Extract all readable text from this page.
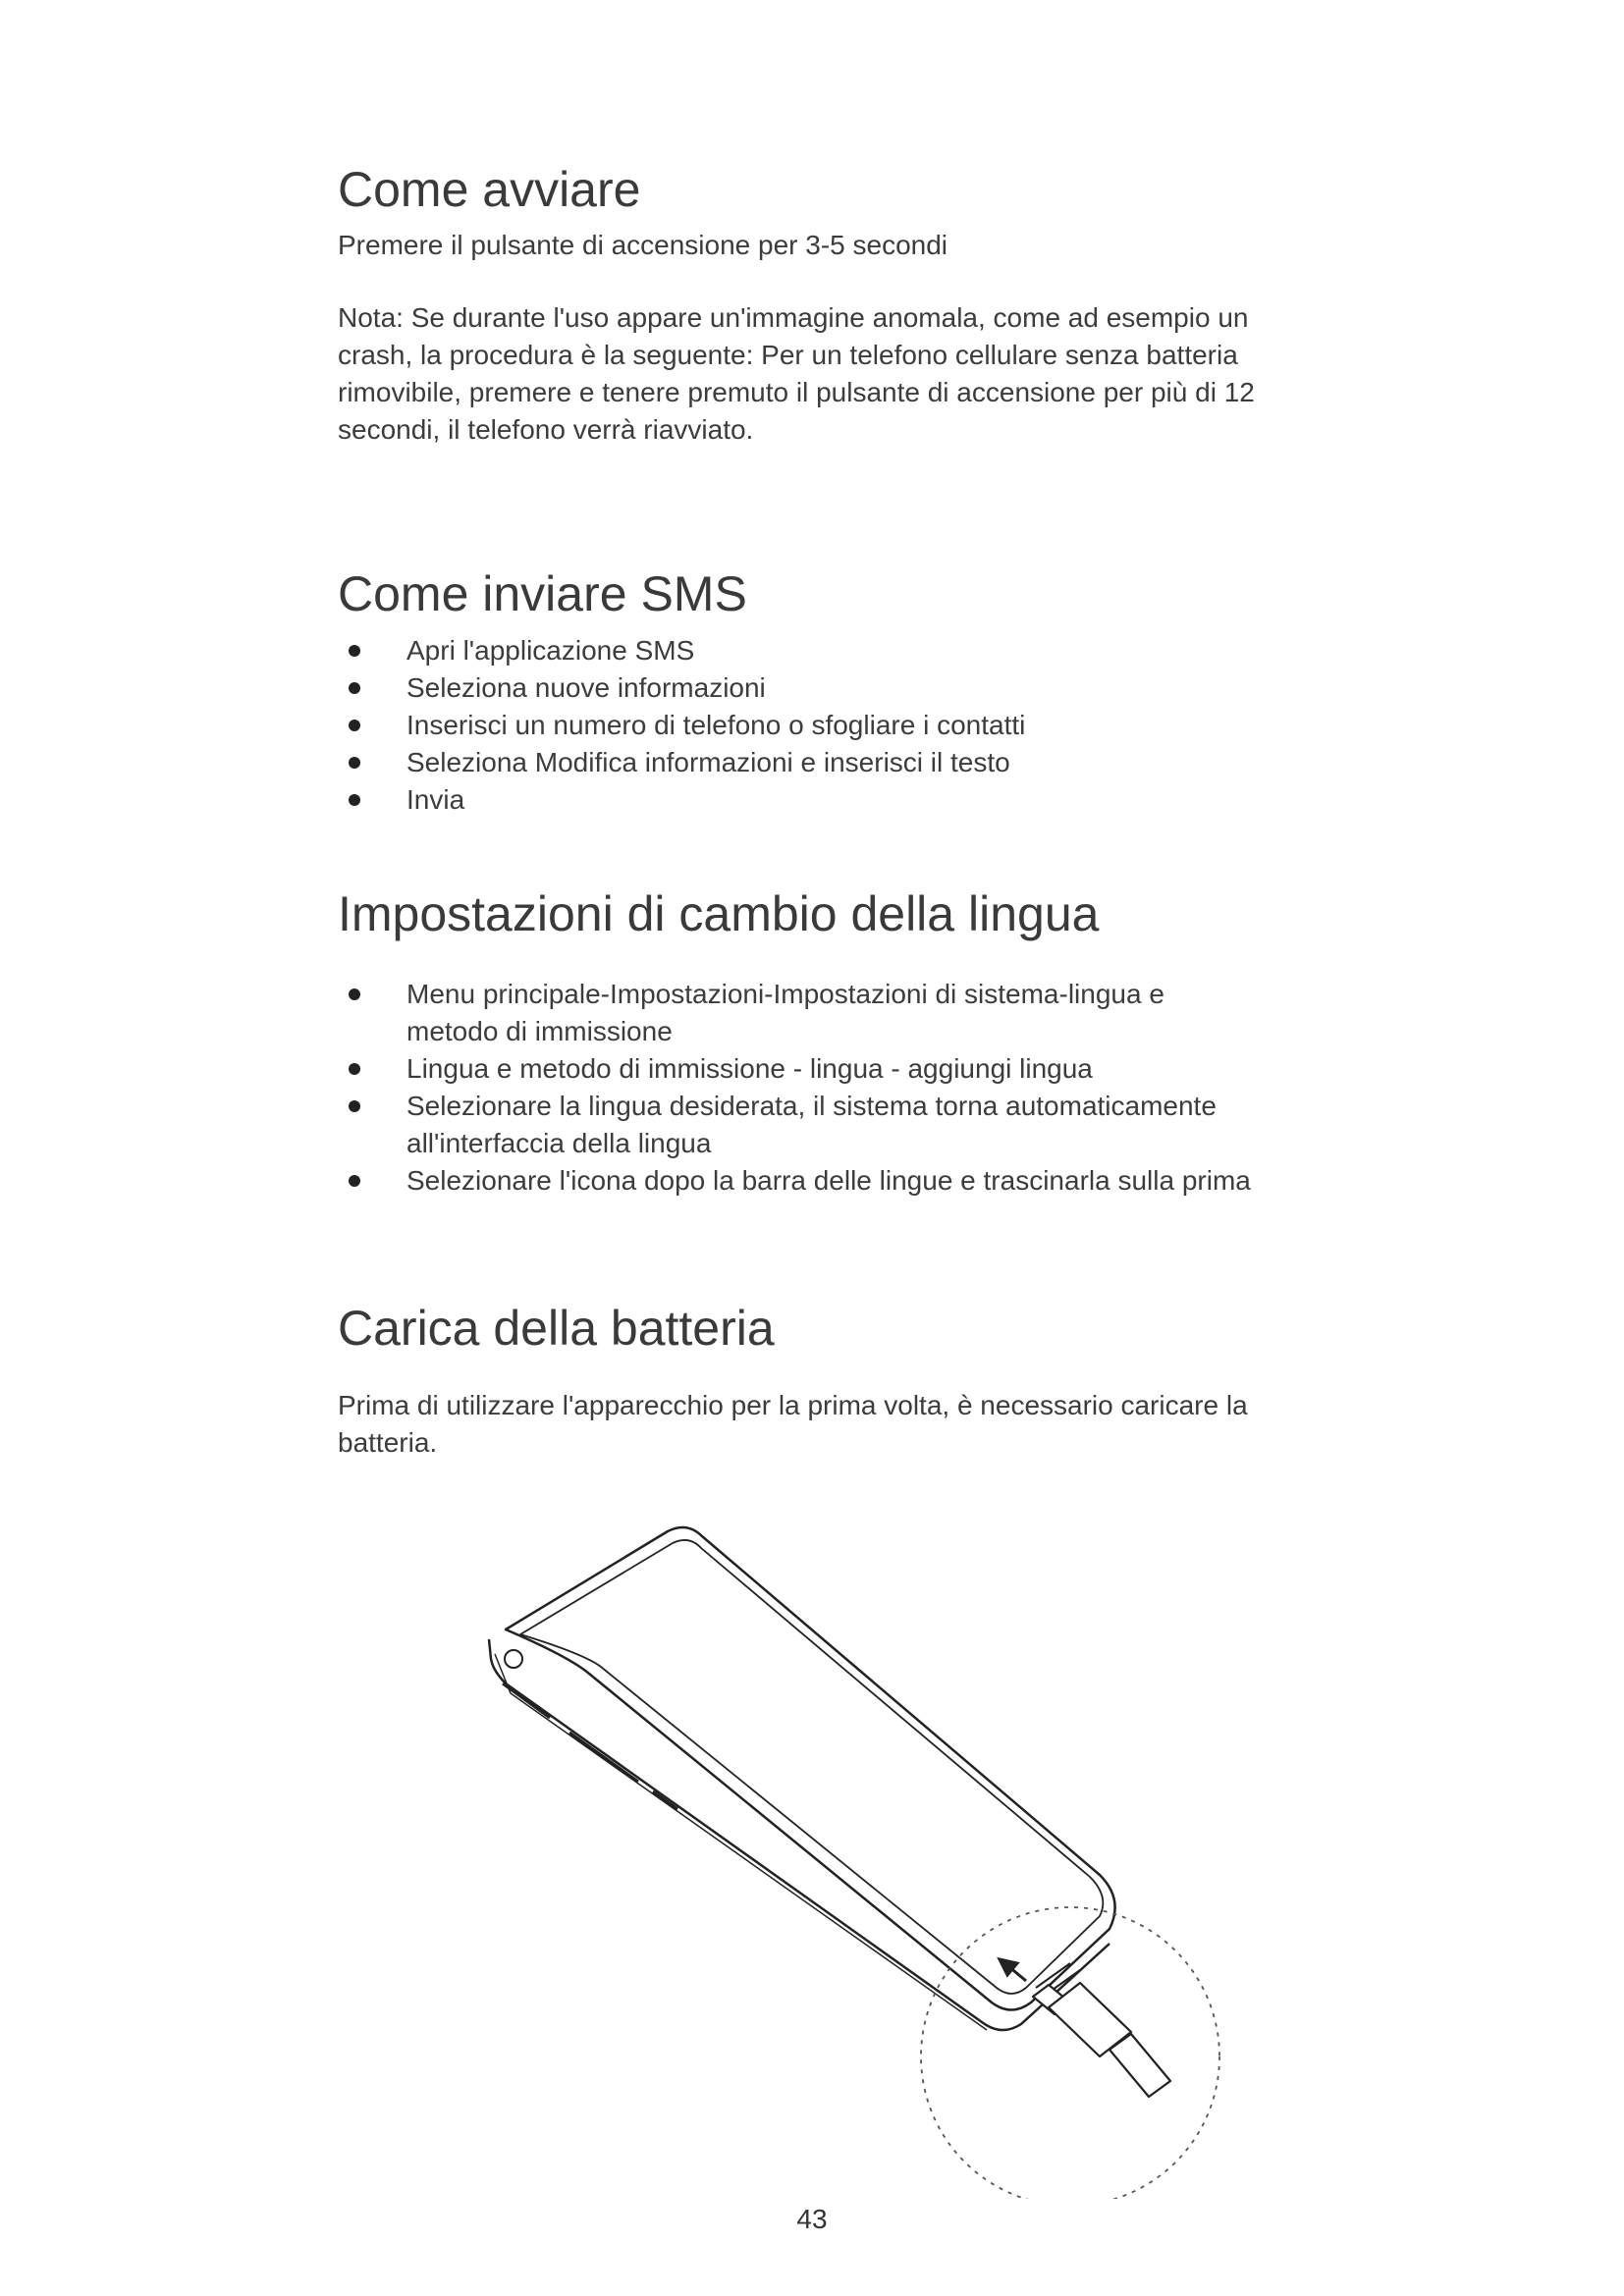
Come avviare

Premere il pulsante di accensione per 3-5 secondi

Nota: Se durante l'uso appare un'immagine anomala, come ad esempio un crash, la procedura è la seguente: Per un telefono cellulare senza batteria rimovibile, premere e tenere premuto il pulsante di accensione per più di 12 secondi, il telefono verrà riavviato.

Come inviare SMS
Apri l'applicazione SMS
Seleziona nuove informazioni
Inserisci un numero di telefono o sfogliare i contatti
Seleziona Modifica informazioni e inserisci il testo
Invia
Impostazioni di cambio della lingua
Menu principale-Impostazioni-Impostazioni di sistema-lingua e metodo di immissione
Lingua e metodo di immissione - lingua - aggiungi lingua
Selezionare la lingua desiderata, il sistema torna automaticamente all'interfaccia della lingua
Selezionare l'icona dopo la barra delle lingue e trascinarla sulla prima
Carica della batteria

Prima di utilizzare l'apparecchio per la prima volta, è necessario caricare la batteria.

43
